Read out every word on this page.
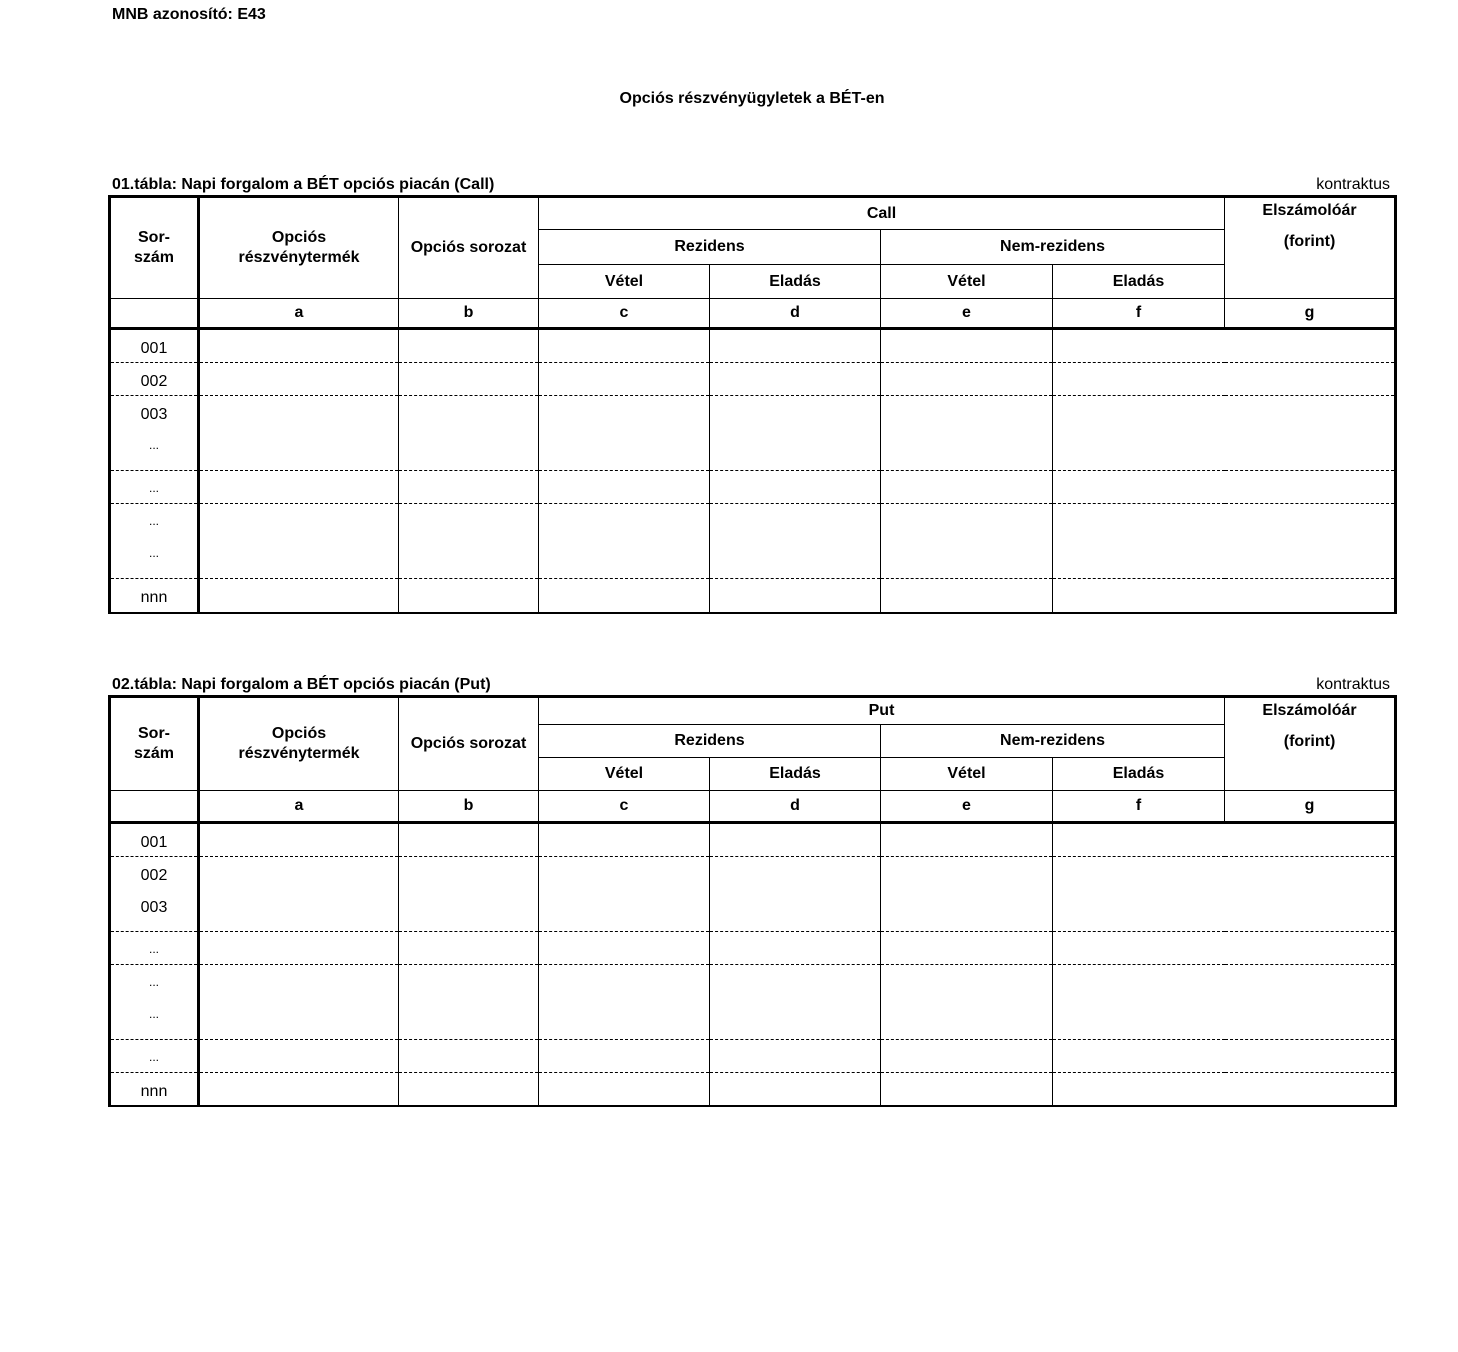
MNB azonosító: E43
Opciós részvényügyletek a BÉT-en
01.tábla: Napi forgalom a BÉT opciós piacán (Call)	kontraktus
Sor-szám	Opciós részvénytermék	Opciós sorozat	Call				Elszámolóár
(forint)

			Rezidens		Nem-rezidens		
			Vétel	Eladás	Vétel	Eladás	
	a	b	c	d	e	f	g

001							

002							

003
...							

...							

...
...							

nnn							

02.tábla: Napi forgalom a BÉT opciós piacán (Put)	kontraktus
Sor-szám	Opciós részvénytermék	Opciós sorozat	Put				Elszámolóár
(forint)

			Rezidens		Nem-rezidens		
			Vétel	Eladás	Vétel	Eladás	
	a	b	c	d	e	f	g

001							

002
003							

...							

...
...							

...							

nnn							
